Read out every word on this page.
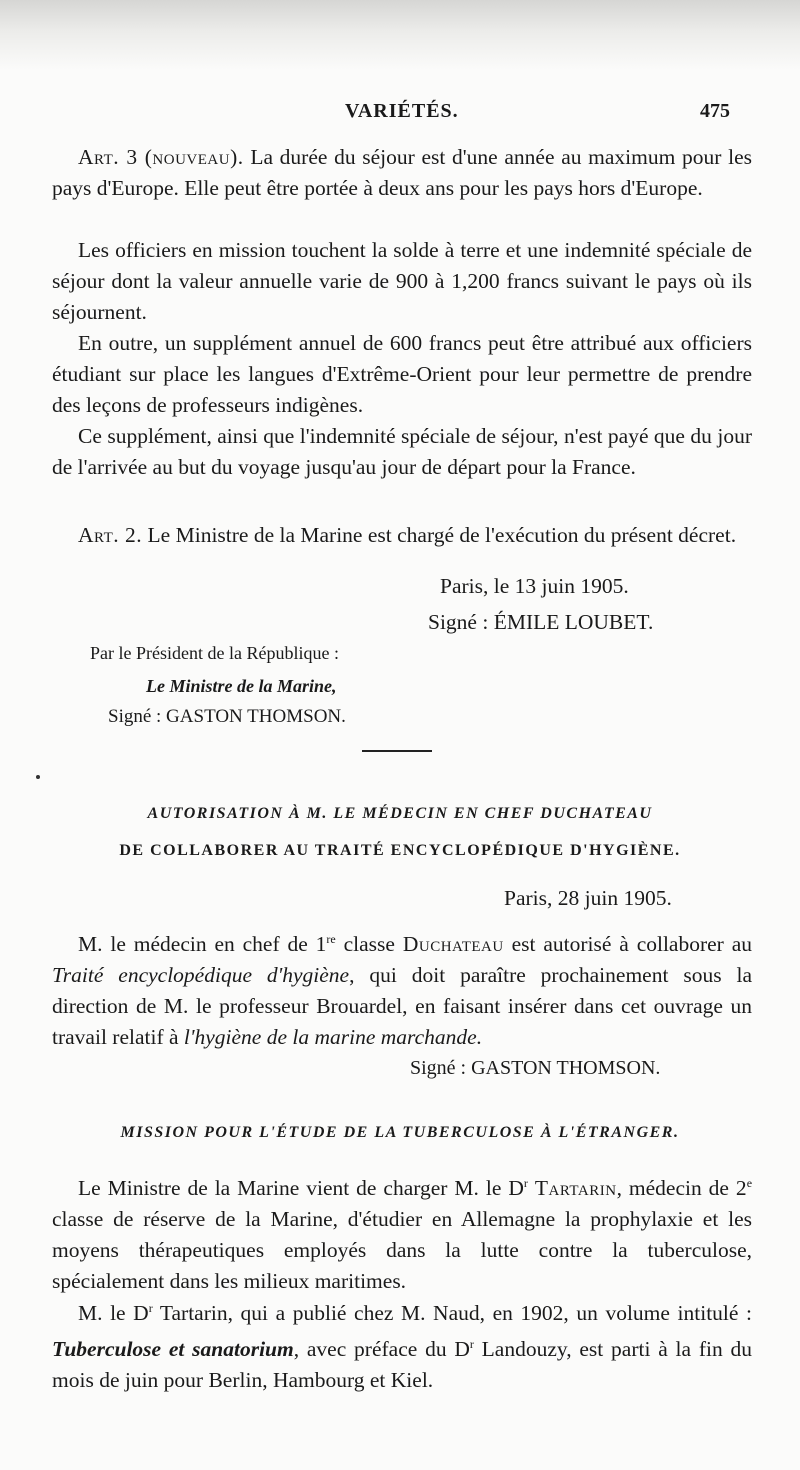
VARIÉTÉS.	475

Art. 3 (nouveau). La durée du séjour est d'une année au maximum pour les pays d'Europe. Elle peut être portée à deux ans pour les pays hors d'Europe.

Les officiers en mission touchent la solde à terre et une indemnité spéciale de séjour dont la valeur annuelle varie de 900 à 1,200 francs suivant le pays où ils séjournent.

En outre, un supplément annuel de 600 francs peut être attribué aux officiers étudiant sur place les langues d'Extrême-Orient pour leur permettre de prendre des leçons de professeurs indigènes.

Ce supplément, ainsi que l'indemnité spéciale de séjour, n'est payé que du jour de l'arrivée au but du voyage jusqu'au jour de départ pour la France.

Art. 2. Le Ministre de la Marine est chargé de l'exécution du présent décret.

Paris, le 13 juin 1905.
Signé : ÉMILE LOUBET.
Par le Président de la République :
Le Ministre de la Marine,
Signé : GASTON THOMSON.
AUTORISATION À M. LE MÉDECIN EN CHEF DUCHATEAU
DE COLLABORER AU TRAITÉ ENCYCLOPÉDIQUE D'HYGIÈNE.
Paris, 28 juin 1905.

M. le médecin en chef de 1re classe Duchateau est autorisé à collaborer au Traité encyclopédique d'hygiène, qui doit paraître prochainement sous la direction de M. le professeur Brouardel, en faisant insérer dans cet ouvrage un travail relatif à l'hygiène de la marine marchande.

Signé : GASTON THOMSON.
MISSION POUR L'ÉTUDE DE LA TUBERCULOSE À L'ÉTRANGER.

Le Ministre de la Marine vient de charger M. le $D^r$ Tartarin, médecin de 2e classe de réserve de la Marine, d'étudier en Allemagne la prophylaxie et les moyens thérapeutiques employés dans la lutte contre la tuberculose, spécialement dans les milieux maritimes.

M. le $D^r$ Tartarin, qui a publié chez M. Naud, en 1902, un volume intitulé : Tuberculose et sanatorium, avec préface du $D^r$ Landouzy, est parti à la fin du mois de juin pour Berlin, Hambourg et Kiel.
